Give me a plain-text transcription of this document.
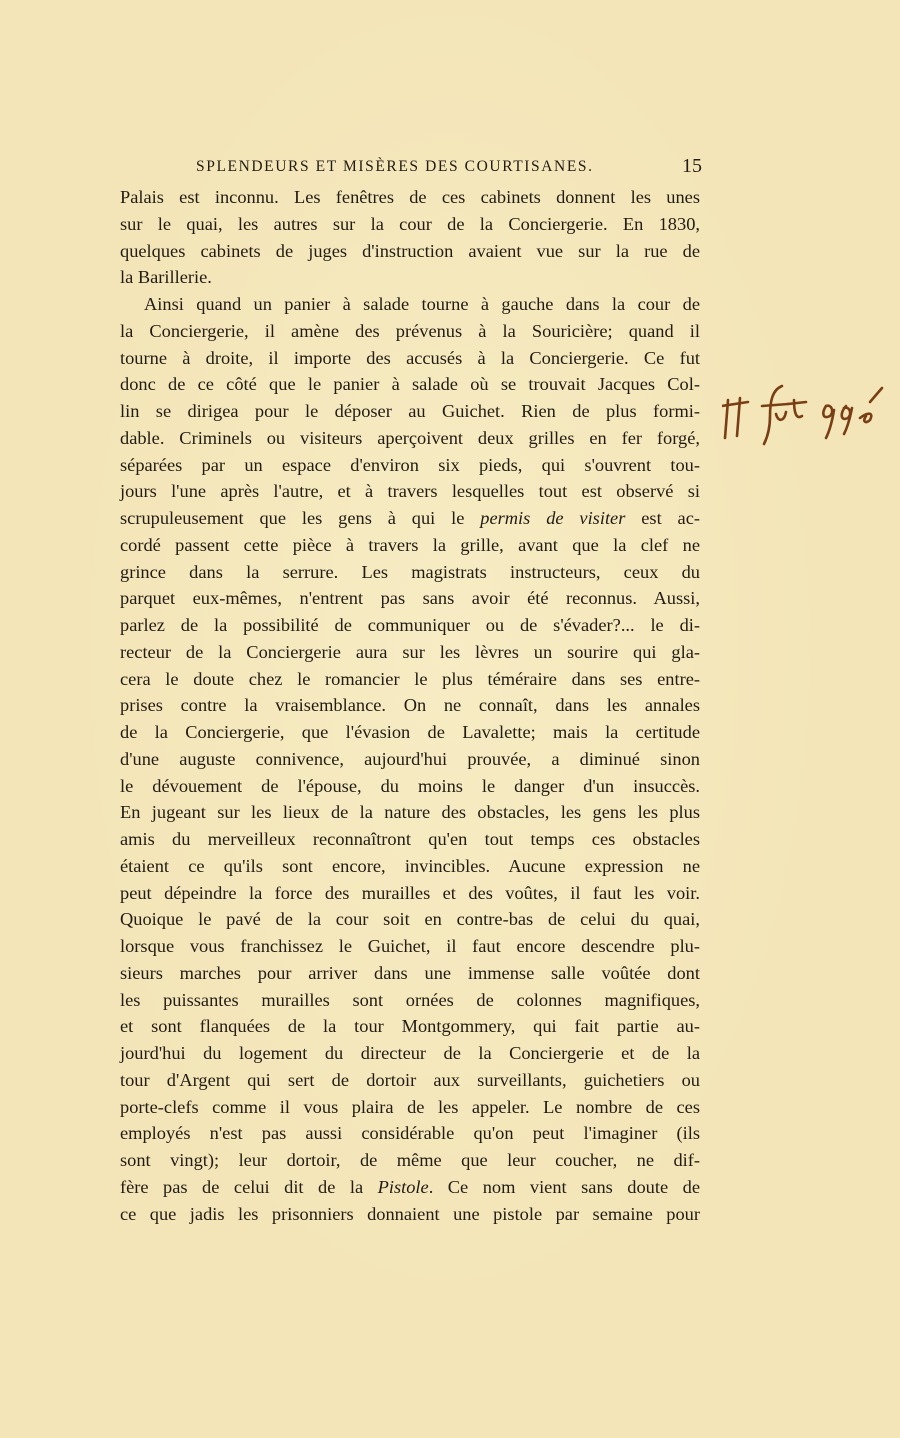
SPLENDEURS ET MISÈRES DES COURTISANES.	15
Palais est inconnu. Les fenêtres de ces cabinets donnent les unes
sur le quai, les autres sur la cour de la Conciergerie. En 1830,
quelques cabinets de juges d'instruction avaient vue sur la rue de
la Barillerie.
Ainsi quand un panier à salade tourne à gauche dans la cour de
la Conciergerie, il amène des prévenus à la Souricière; quand il
tourne à droite, il importe des accusés à la Conciergerie. Ce fut
donc de ce côté que le panier à salade où se trouvait Jacques Col-
lin se dirigea pour le déposer au Guichet. Rien de plus formi-
dable. Criminels ou visiteurs aperçoivent deux grilles en fer forgé,
séparées par un espace d'environ six pieds, qui s'ouvrent tou-
jours l'une après l'autre, et à travers lesquelles tout est observé si
scrupuleusement que les gens à qui le permis de visiter est ac-
cordé passent cette pièce à travers la grille, avant que la clef ne
grince dans la serrure. Les magistrats instructeurs, ceux du
parquet eux-mêmes, n'entrent pas sans avoir été reconnus. Aussi,
parlez de la possibilité de communiquer ou de s'évader?... le di-
recteur de la Conciergerie aura sur les lèvres un sourire qui gla-
cera le doute chez le romancier le plus téméraire dans ses entre-
prises contre la vraisemblance. On ne connaît, dans les annales
de la Conciergerie, que l'évasion de Lavalette; mais la certitude
d'une auguste connivence, aujourd'hui prouvée, a diminué sinon
le dévouement de l'épouse, du moins le danger d'un insuccès.
En jugeant sur les lieux de la nature des obstacles, les gens les plus
amis du merveilleux reconnaîtront qu'en tout temps ces obstacles
étaient ce qu'ils sont encore, invincibles. Aucune expression ne
peut dépeindre la force des murailles et des voûtes, il faut les voir.
Quoique le pavé de la cour soit en contre-bas de celui du quai,
lorsque vous franchissez le Guichet, il faut encore descendre plu-
sieurs marches pour arriver dans une immense salle voûtée dont
les puissantes murailles sont ornées de colonnes magnifiques,
et sont flanquées de la tour Montgommery, qui fait partie au-
jourd'hui du logement du directeur de la Conciergerie et de la
tour d'Argent qui sert de dortoir aux surveillants, guichetiers ou
porte-clefs comme il vous plaira de les appeler. Le nombre de ces
employés n'est pas aussi considérable qu'on peut l'imaginer (ils
sont vingt); leur dortoir, de même que leur coucher, ne dif-
fère pas de celui dit de la Pistole. Ce nom vient sans doute de
ce que jadis les prisonniers donnaient une pistole par semaine pour
